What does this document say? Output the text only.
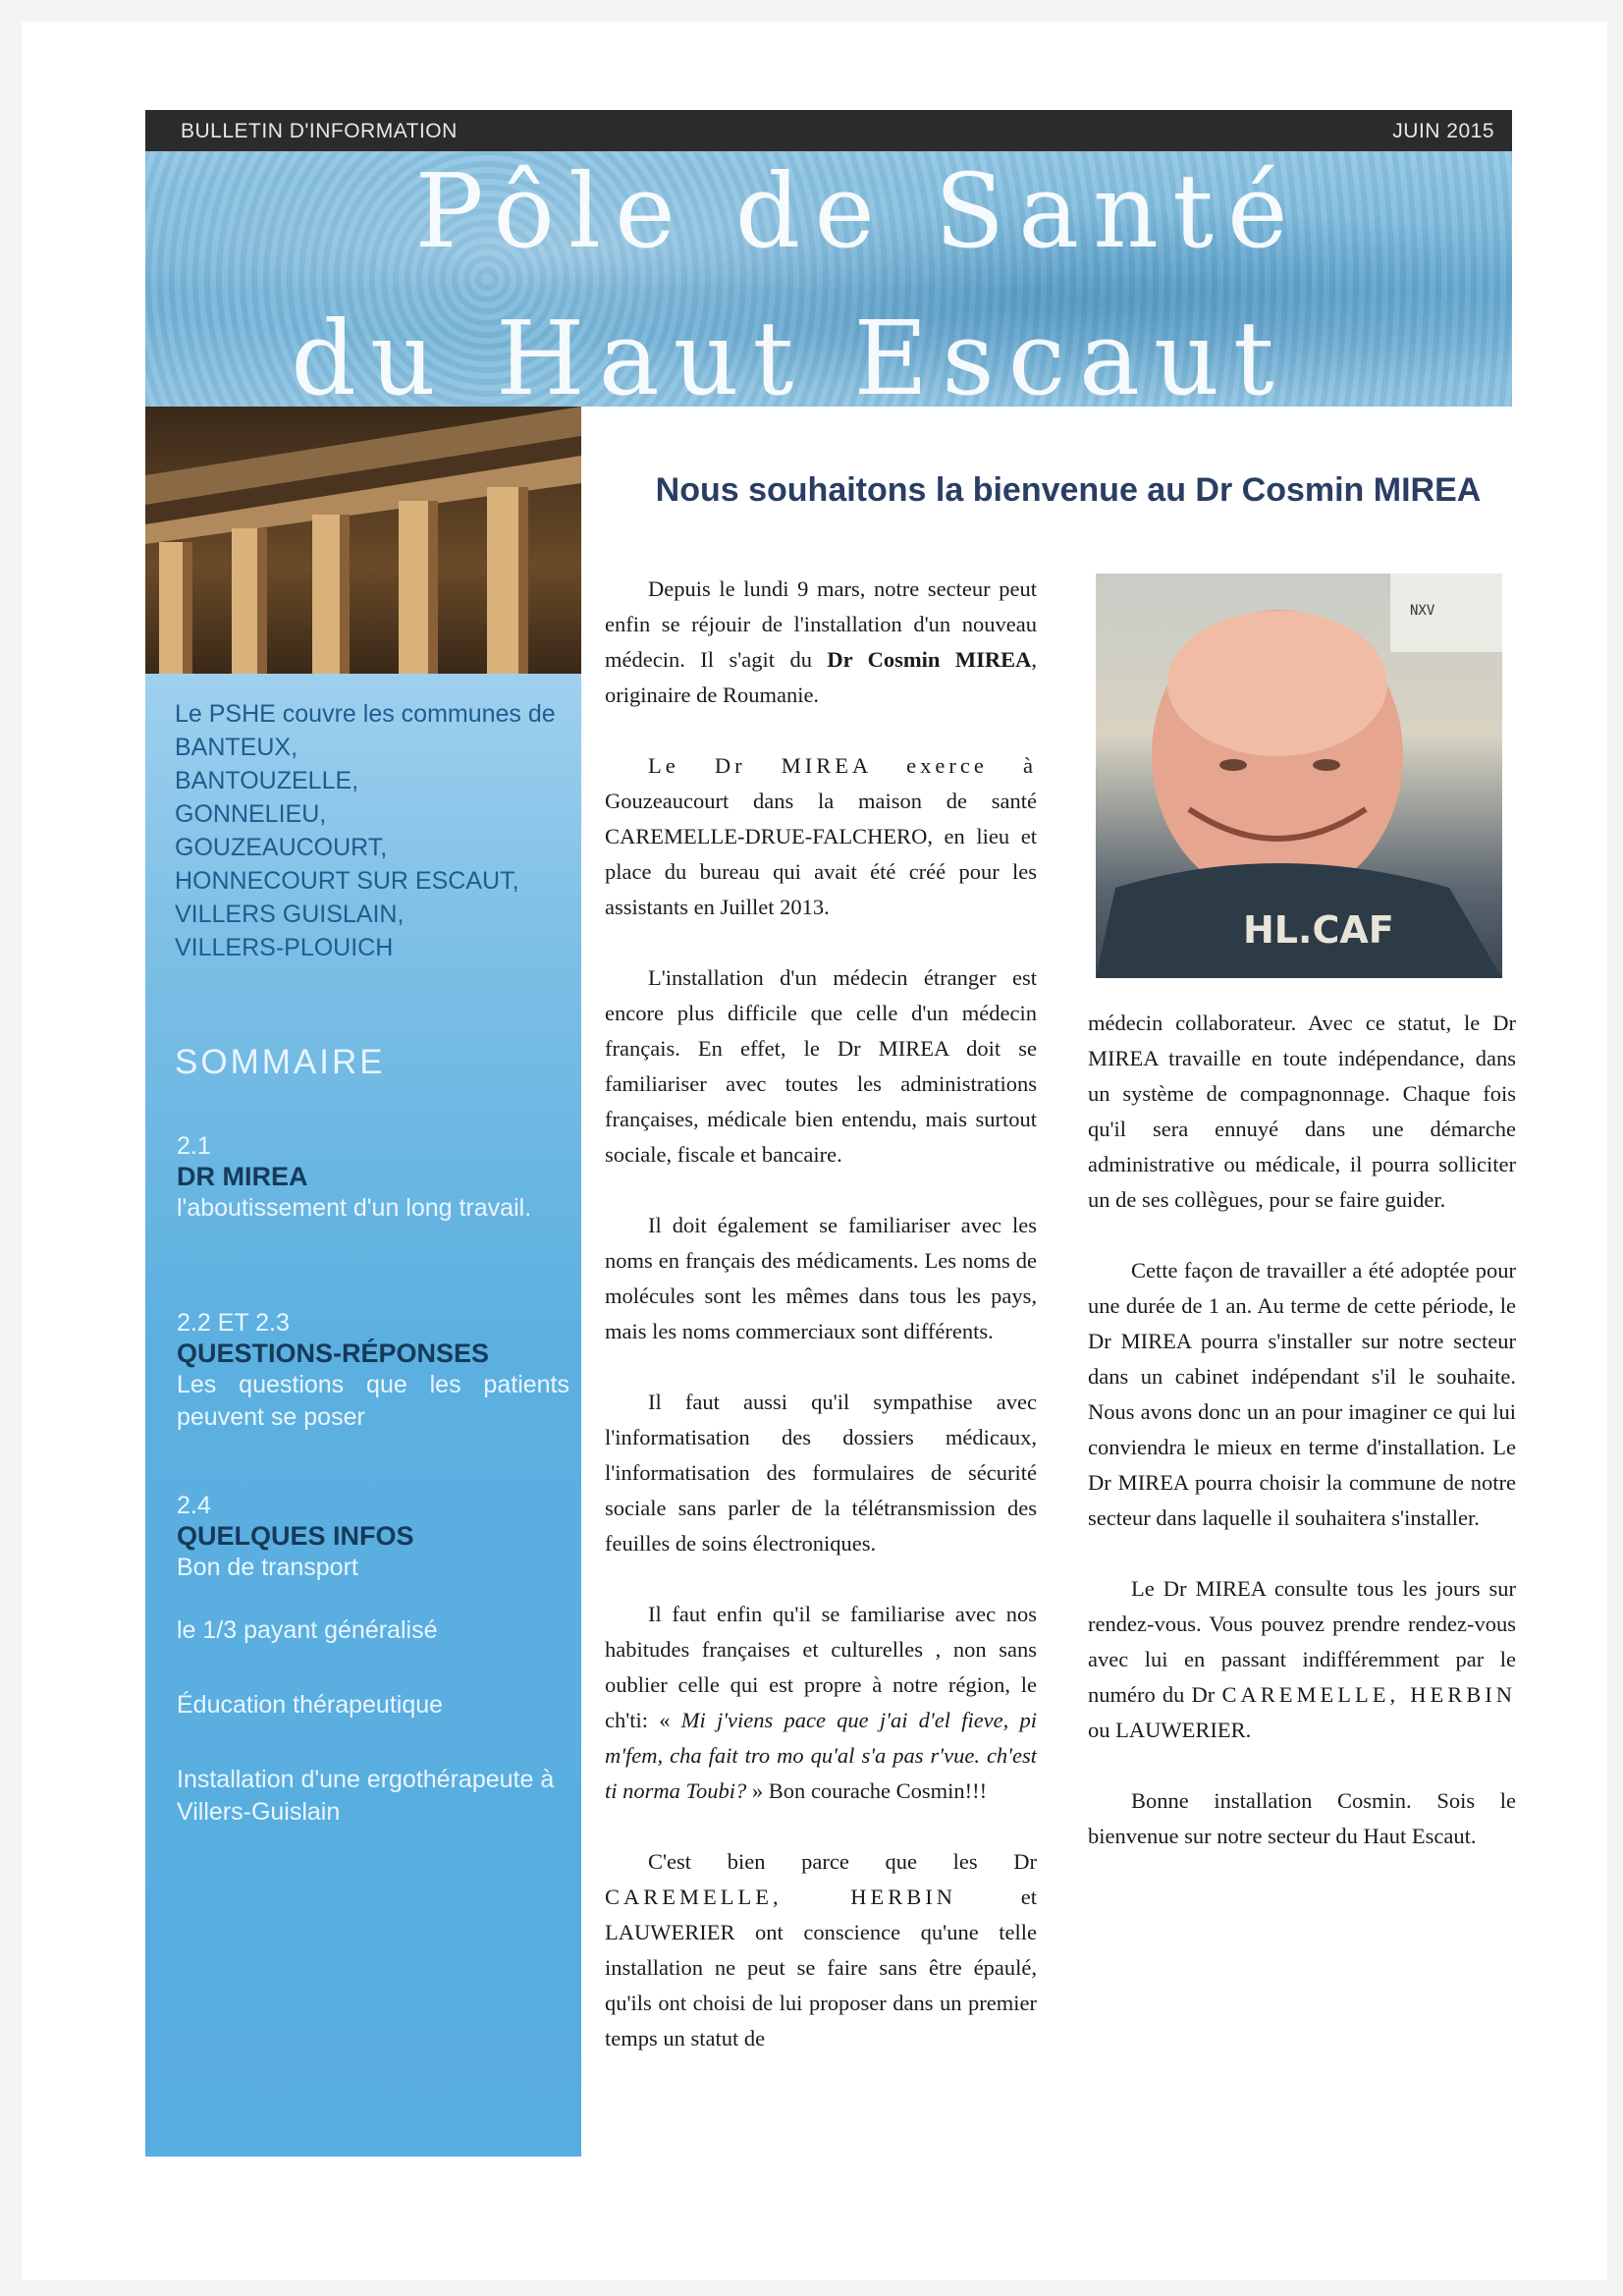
BULLETIN D'INFORMATION	JUIN 2015
Pôle de Santé
du Haut Escaut
Le PSHE couvre les communes de
BANTEUX,
BANTOUZELLE,
GONNELIEU,
GOUZEAUCOURT,
HONNECOURT SUR ESCAUT,
VILLERS GUISLAIN,
VILLERS-PLOUICH
SOMMAIRE
2.1
DR MIREA
l'aboutissement d'un long travail.
2.2 ET 2.3
QUESTIONS-RÉPONSES
Les questions que les patients peuvent se poser
2.4
QUELQUES INFOS
Bon de transport
le 1/3 payant généralisé
Éducation thérapeutique
Installation d'une ergothérapeute à Villers-Guislain
Nous souhaitons la bienvenue au Dr Cosmin MIREA

Depuis le lundi 9 mars, notre secteur peut enfin se réjouir de l'installation d'un nouveau médecin. Il s'agit du Dr Cosmin MIREA, originaire de Roumanie.

Le Dr MIREA exerce à Gouzeaucourt dans la maison de santé CAREMELLE-DRUE-FALCHERO, en lieu et place du bureau qui avait été créé pour les assistants en Juillet 2013.

L'installation d'un médecin étranger est encore plus difficile que celle d'un médecin français. En effet, le Dr MIREA doit se familiariser avec toutes les administrations françaises, médicale bien entendu, mais surtout sociale, fiscale et bancaire.

Il doit également se familiariser avec les noms en français des médicaments. Les noms de molécules sont les mêmes dans tous les pays, mais les noms commerciaux sont différents.

Il faut aussi qu'il sympathise avec l'informatisation des dossiers médicaux, l'informatisation des formulaires de sécurité sociale sans parler de la télétransmission des feuilles de soins électroniques.

Il faut enfin qu'il se familiarise avec nos habitudes françaises et culturelles , non sans oublier celle qui est propre à notre région, le ch'ti: « Mi j'viens pace que j'ai d'el fieve, pi m'fem, cha fait tro mo qu'al s'a pas r'vue. ch'est ti norma Toubi? » Bon courache Cosmin!!!

C'est bien parce que les Dr CAREMELLE, HERBIN et LAUWERIER ont conscience qu'une telle installation ne peut se faire sans être épaulé, qu'ils ont choisi de lui proposer dans un premier temps un statut de

NXV
HL.CAF

médecin collaborateur. Avec ce statut, le Dr MIREA travaille en toute indépendance, dans un système de compagnonnage. Chaque fois qu'il sera ennuyé dans une démarche administrative ou médicale, il pourra solliciter un de ses collègues, pour se faire guider.

Cette façon de travailler a été adoptée pour une durée de 1 an. Au terme de cette période, le Dr MIREA pourra s'installer sur notre secteur dans un cabinet indépendant s'il le souhaite. Nous avons donc un an pour imaginer ce qui lui conviendra le mieux en terme d'installation. Le Dr MIREA pourra choisir la commune de notre secteur dans laquelle il souhaitera s'installer.

Le Dr MIREA consulte tous les jours sur rendez-vous. Vous pouvez prendre rendez-vous avec lui en passant indifféremment par le numéro du Dr CAREMELLE, HERBIN ou LAUWERIER.

Bonne installation Cosmin. Sois le bienvenue sur notre secteur du Haut Escaut.
